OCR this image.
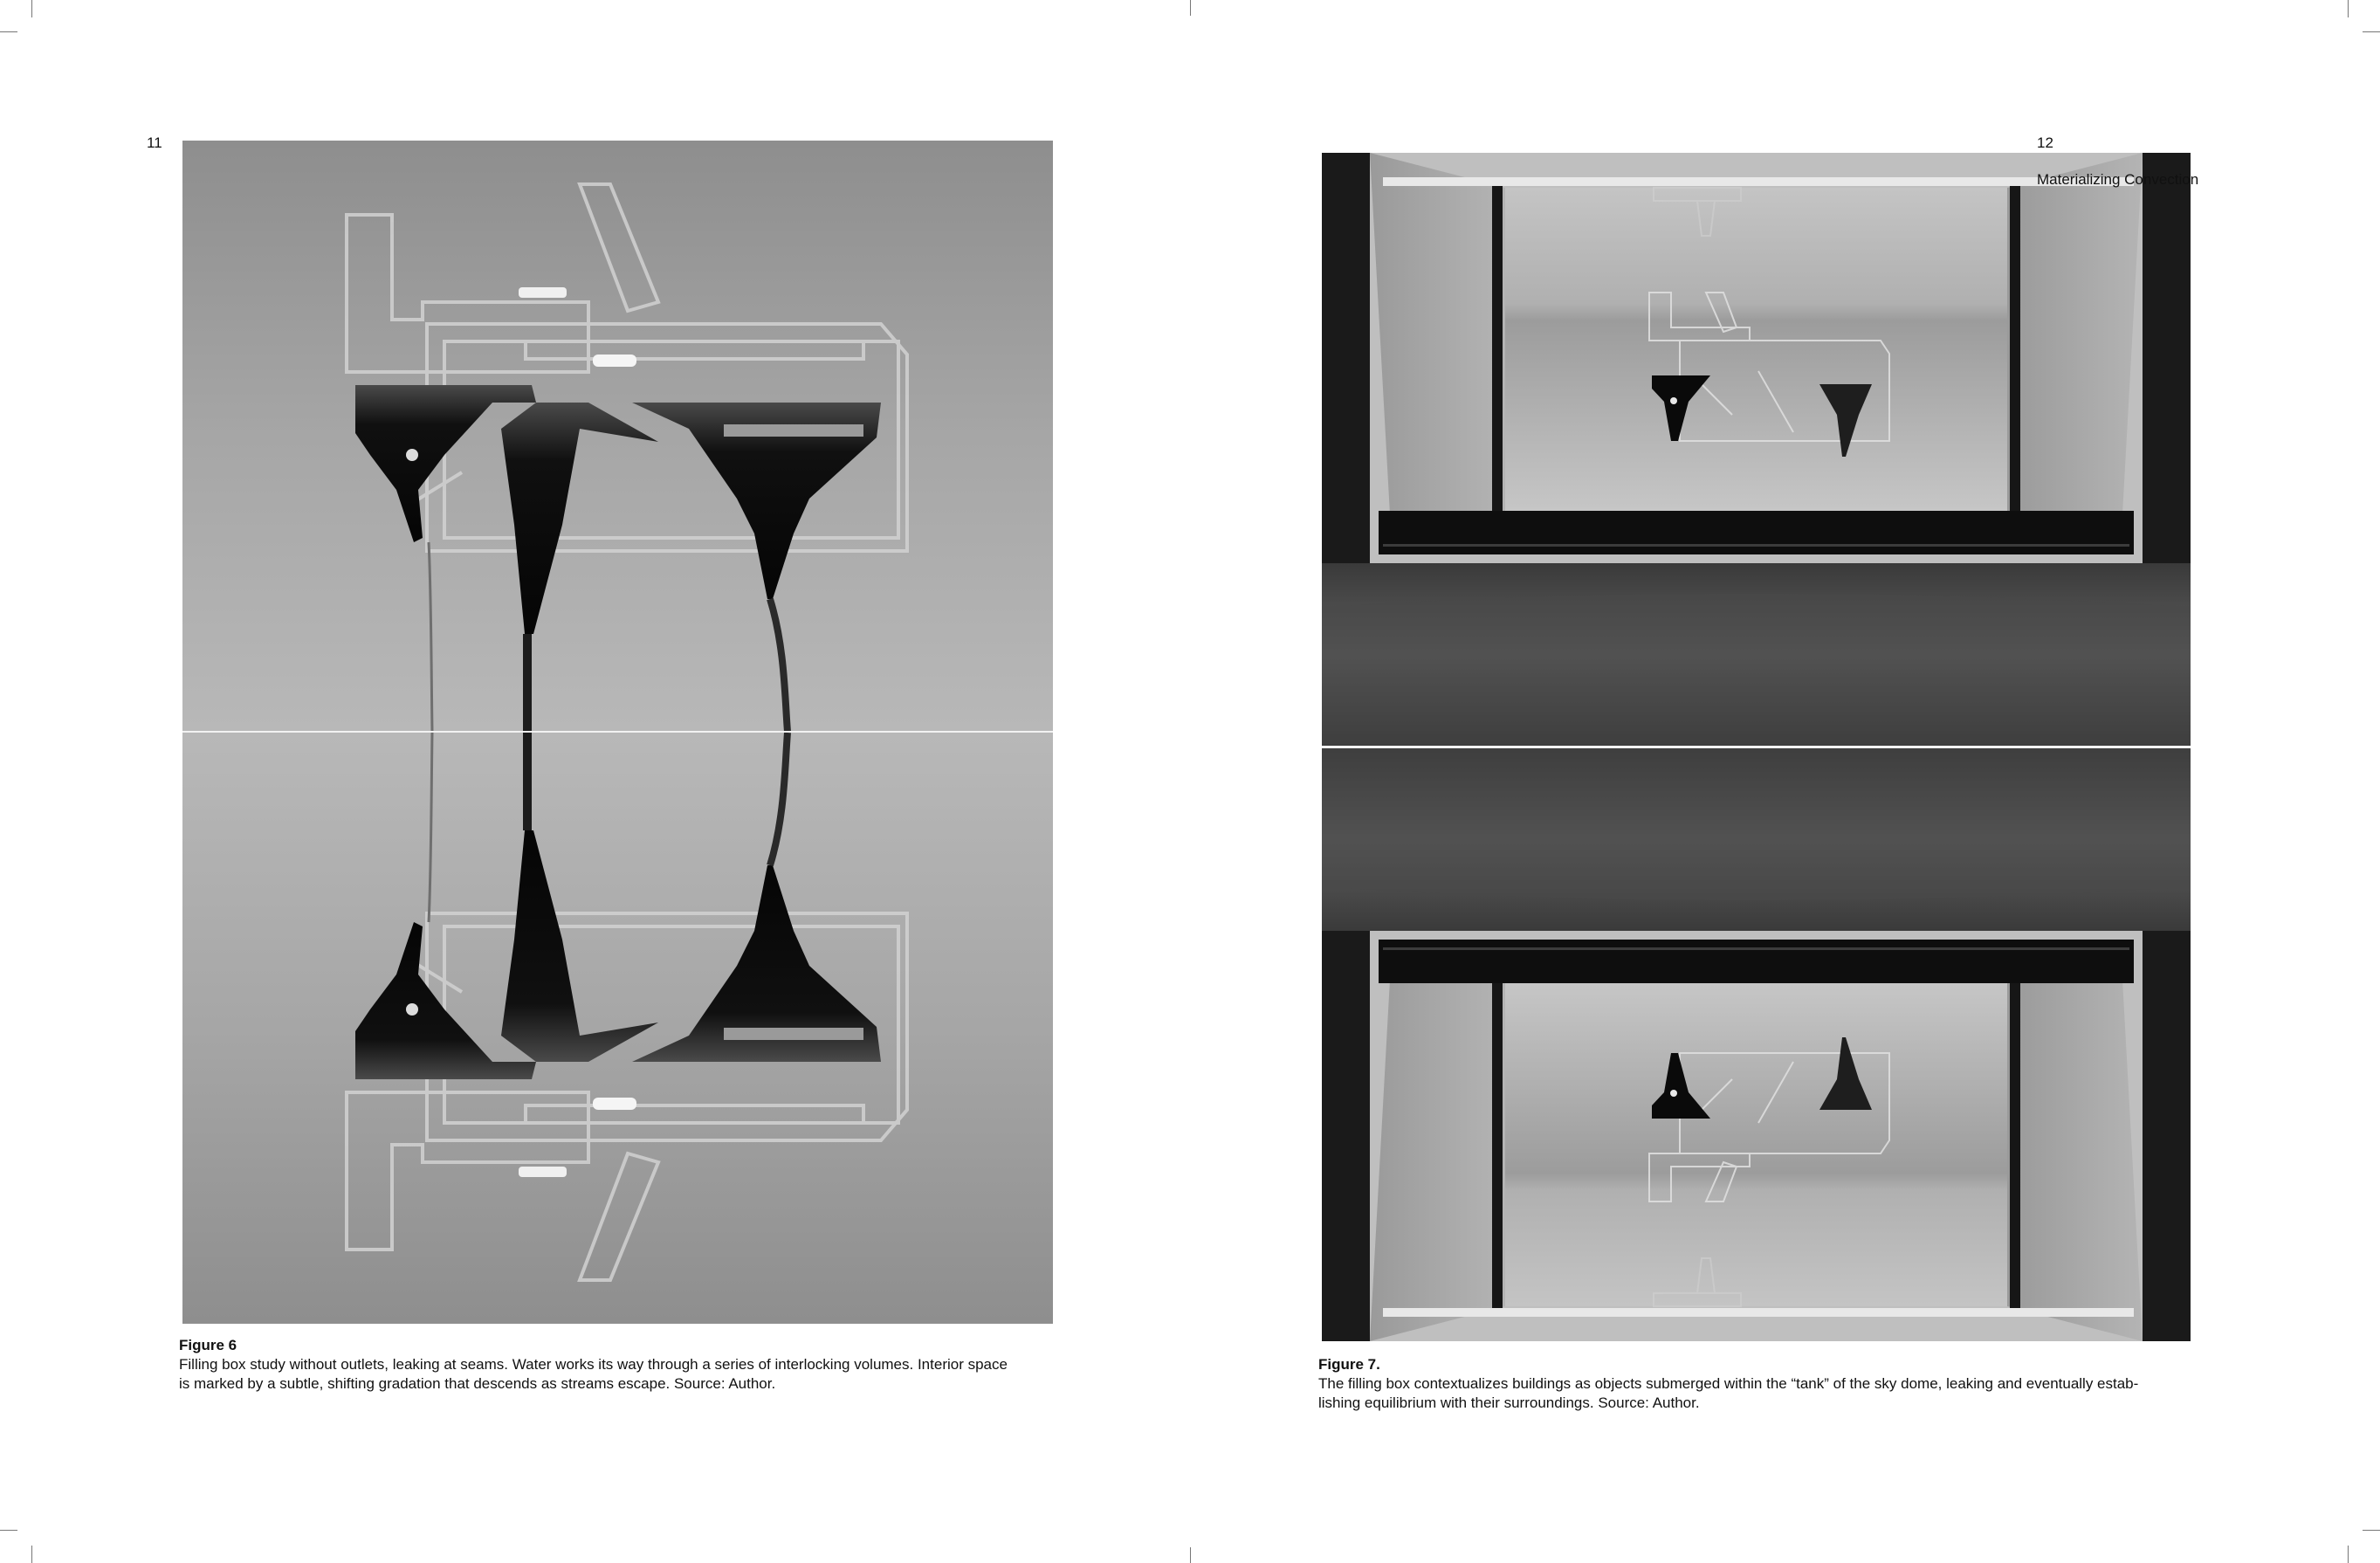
11
Figure 6
Filling box study without outlets, leaking at seams. Water works its way through a series of interlocking volumes. Interior space
is marked by a subtle, shifting gradation that descends as streams escape. Source: Author.
12
Materializing Convection
Figure 7.
The filling box contextualizes buildings as objects submerged within the “tank” of the sky dome, leaking and eventually estab-
lishing equilibrium with their surroundings. Source: Author.
